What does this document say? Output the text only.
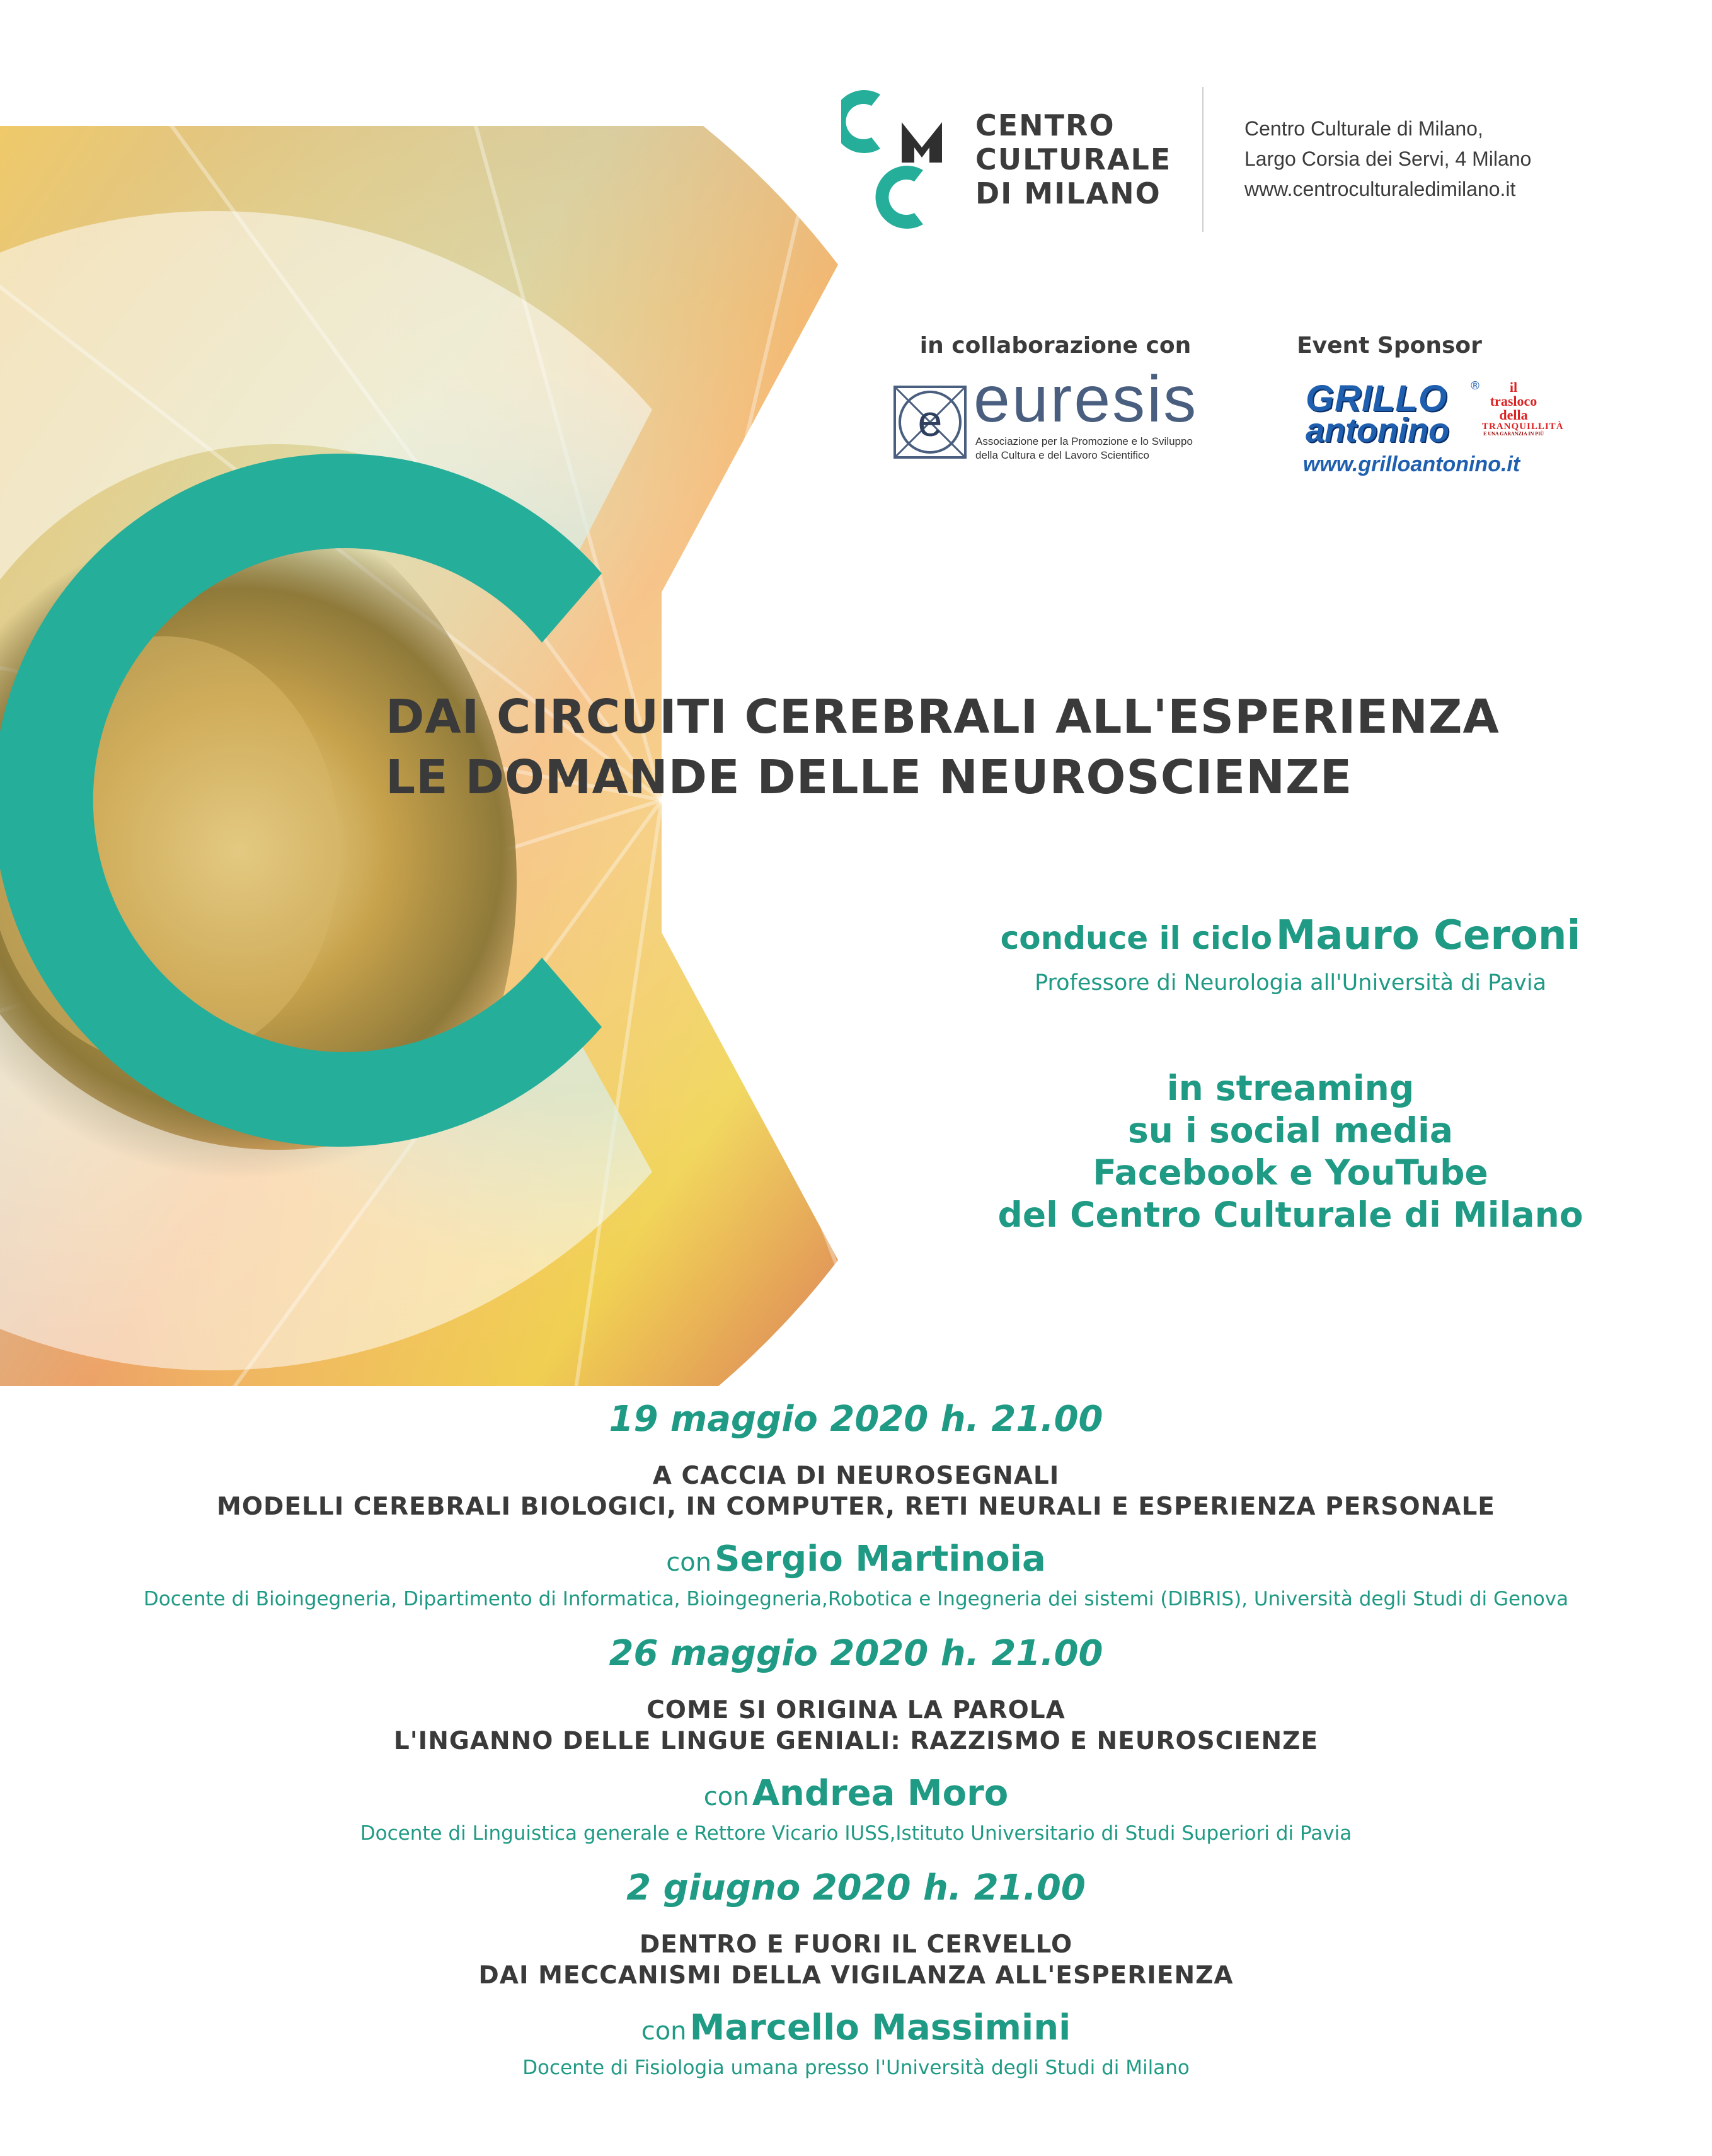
CENTRO
CULTURALE
DI MILANO
Centro Culturale di Milano,
Largo Corsia dei Servi, 4 Milano
www.centroculturaledimilano.it
in collaborazione con	Event Sponsor
e euresis
Associazione per la Promozione e lo Sviluppo
della Cultura e del Lavoro Scientifico
GRILLO ®
antonino
il
trasloco
della
TRANQUILLITÀ
E UNA GARANZIA IN PIÙ
www.grilloantonino.it
DAI CIRCUITI CEREBRALI ALL'ESPERIENZA
LE DOMANDE DELLE NEUROSCIENZE
conduce il ciclo Mauro Ceroni
Professore di Neurologia all'Università di Pavia
in streaming
su i social media
Facebook e YouTube
del Centro Culturale di Milano
19 maggio 2020 h. 21.00
A CACCIA DI NEUROSEGNALI
MODELLI CEREBRALI BIOLOGICI, IN COMPUTER, RETI NEURALI E ESPERIENZA PERSONALE
con Sergio Martinoia
Docente di Bioingegneria, Dipartimento di Informatica, Bioingegneria,Robotica e Ingegneria dei sistemi (DIBRIS), Università degli Studi di Genova
26 maggio 2020 h. 21.00
COME SI ORIGINA LA PAROLA
L'INGANNO DELLE LINGUE GENIALI: RAZZISMO E NEUROSCIENZE
con Andrea Moro
Docente di Linguistica generale e Rettore Vicario IUSS,Istituto Universitario di Studi Superiori di Pavia
2 giugno 2020 h. 21.00
DENTRO E FUORI IL CERVELLO
DAI MECCANISMI DELLA VIGILANZA ALL'ESPERIENZA
con Marcello Massimini
Docente di Fisiologia umana presso l'Università degli Studi di Milano
